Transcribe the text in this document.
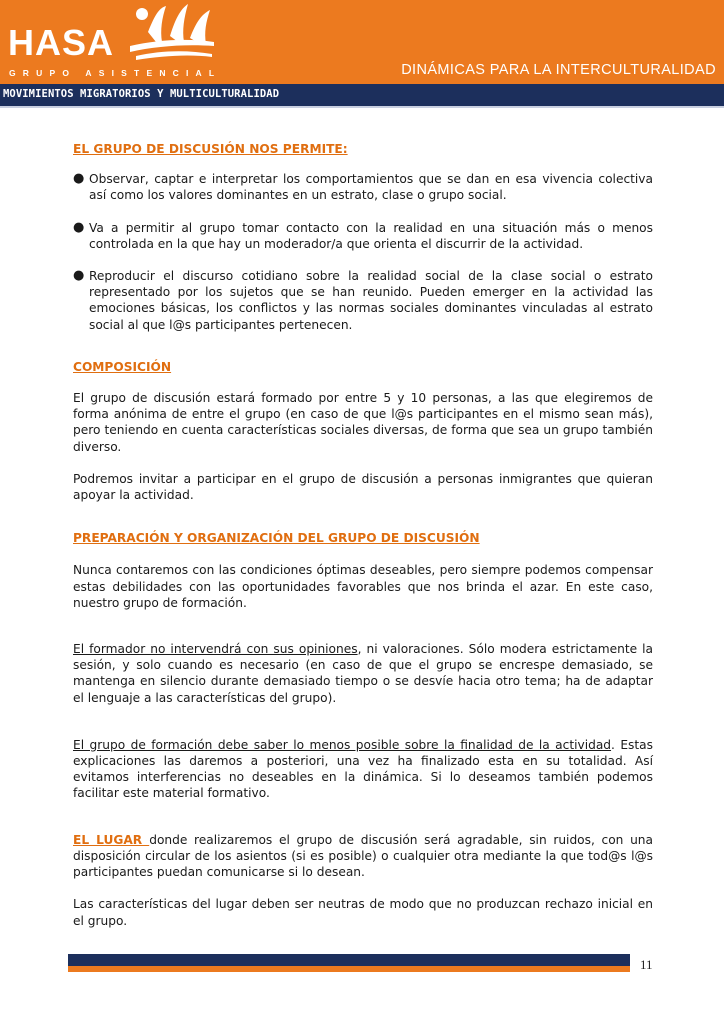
HASA
GRUPO ASISTENCIAL	DINÁMICAS PARA LA INTERCULTURALIDAD
MOVIMIENTOS MIGRATORIOS Y MULTICULTURALIDAD

EL GRUPO DE DISCUSIÓN NOS PERMITE:

● Observar, captar e interpretar los comportamientos que se dan en esa vivencia colectiva así como los valores dominantes en un estrato, clase o grupo social.
● Va a permitir al grupo tomar contacto con la realidad en una situación más o menos controlada en la que hay un moderador/a que orienta el discurrir de la actividad.
● Reproducir el discurso cotidiano sobre la realidad social de la clase social o estrato representado por los sujetos que se han reunido. Pueden emerger en la actividad las emociones básicas, los conflictos y las normas sociales dominantes vinculadas al estrato social al que l@s participantes pertenecen.

COMPOSICIÓN

El grupo de discusión estará formado por entre 5 y 10 personas, a las que elegiremos de forma anónima de entre el grupo (en caso de que l@s participantes en el mismo sean más), pero teniendo en cuenta características sociales diversas, de forma que sea un grupo también diverso.

Podremos invitar a participar en el grupo de discusión a personas inmigrantes que quieran apoyar la actividad.

PREPARACIÓN Y ORGANIZACIÓN DEL GRUPO DE DISCUSIÓN

Nunca contaremos con las condiciones óptimas deseables, pero siempre podemos compensar estas debilidades con las oportunidades favorables que nos brinda el azar. En este caso, nuestro grupo de formación.

El formador no intervendrá con sus opiniones, ni valoraciones. Sólo modera estrictamente la sesión, y solo cuando es necesario (en caso de que el grupo se encrespe demasiado, se mantenga en silencio durante demasiado tiempo o se desvíe hacia otro tema; ha de adaptar el lenguaje a las características del grupo).

El grupo de formación debe saber lo menos posible sobre la finalidad de la actividad. Estas explicaciones las daremos a posteriori, una vez ha finalizado esta en su totalidad. Así evitamos interferencias no deseables en la dinámica. Si lo deseamos también podemos facilitar este material formativo.

EL LUGAR donde realizaremos el grupo de discusión será agradable, sin ruidos, con una disposición circular de los asientos (si es posible) o cualquier otra mediante la que tod@s l@s participantes puedan comunicarse si lo desean.

Las características del lugar deben ser neutras de modo que no produzcan rechazo inicial en el grupo.

11
